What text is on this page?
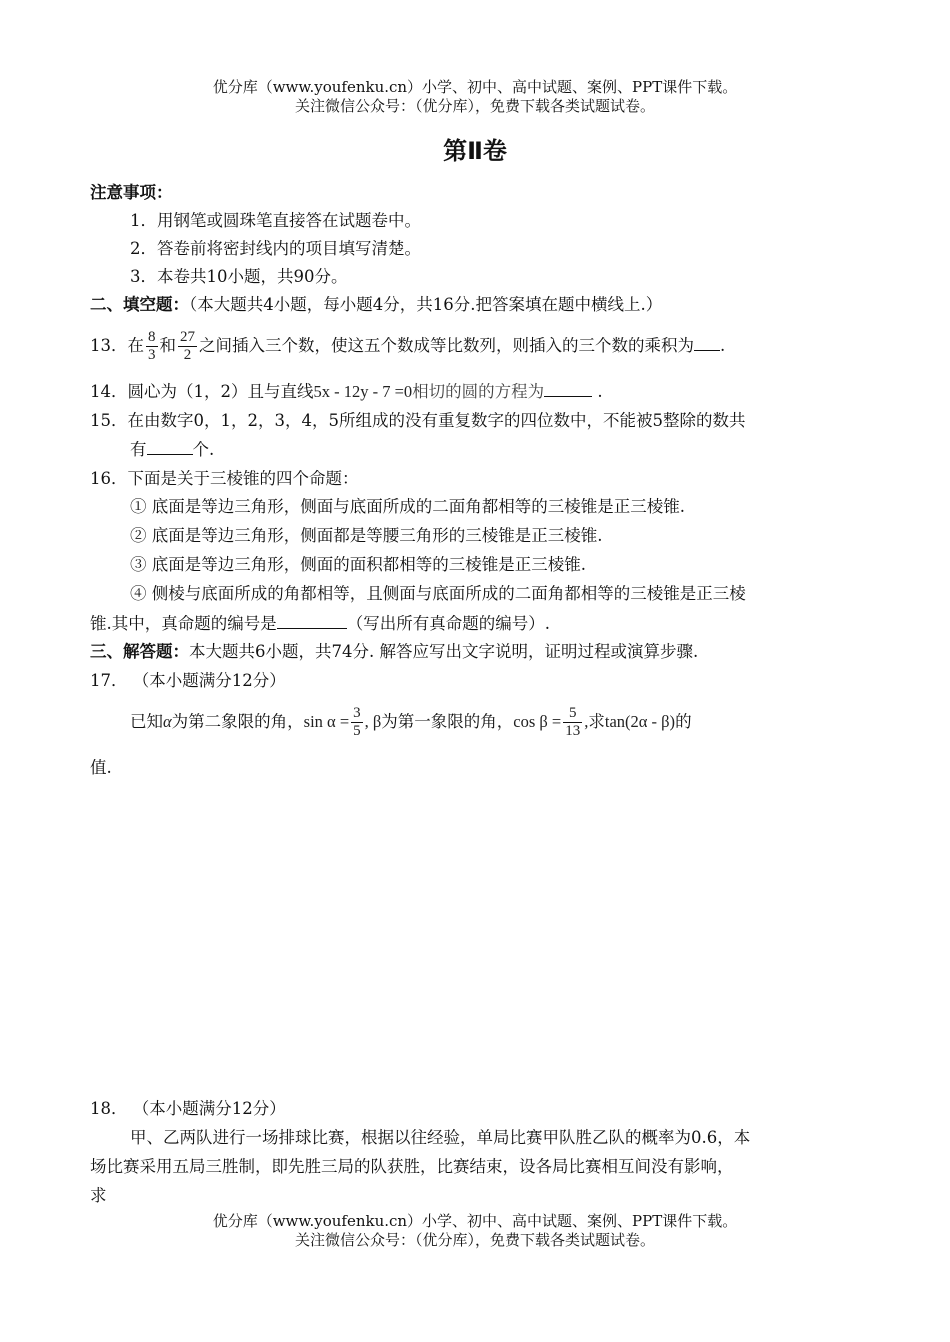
优分库（www.youfenku.cn）小学、初中、高中试题、案例、PPT课件下载。
关注微信公众号：（优分库），免费下载各类试题试卷。
第Ⅱ卷
注意事项：
1．用钢笔或圆珠笔直接答在试题卷中。
2．答卷前将密封线内的项目填写清楚。
3．本卷共10小题，共90分。
二、填空题：（本大题共4小题，每小题4分，共16分.把答案填在题中横线上.）
13．在 $\frac{8}{3}$ 和 $\frac{27}{2}$ 之间插入三个数，使这五个数成等比数列，则插入的三个数的乘积为 .
14．圆心为（1，2）且与直线5x - 12y - 7 =0相切的圆的方程为	.
15．在由数字0，1，2，3，4，5所组成的没有重复数字的四位数中，不能被5整除的数共
有	个.
16．下面是关于三棱锥的四个命题：
① 底面是等边三角形，侧面与底面所成的二面角都相等的三棱锥是正三棱锥.
② 底面是等边三角形，侧面都是等腰三角形的三棱锥是正三棱锥.
③ 底面是等边三角形，侧面的面积都相等的三棱锥是正三棱锥.
④ 侧棱与底面所成的角都相等，且侧面与底面所成的二面角都相等的三棱锥是正三棱
锥.其中，真命题的编号是	（写出所有真命题的编号）.
三、解答题：本大题共6小题，共74分. 解答应写出文字说明，证明过程或演算步骤.
17． （本小题满分12分）
已知α为第二象限的角，$\sin \alpha = \frac{3}{5}$ , β为第一象限的角，$\cos \beta = \frac{5}{13}$ ,求tan(2α - β)的
值.
18． （本小题满分12分）
甲、乙两队进行一场排球比赛，根据以往经验，单局比赛甲队胜乙队的概率为0.6，本
场比赛采用五局三胜制，即先胜三局的队获胜，比赛结束，设各局比赛相互间没有影响，
求
优分库（www.youfenku.cn）小学、初中、高中试题、案例、PPT课件下载。
关注微信公众号：（优分库），免费下载各类试题试卷。
